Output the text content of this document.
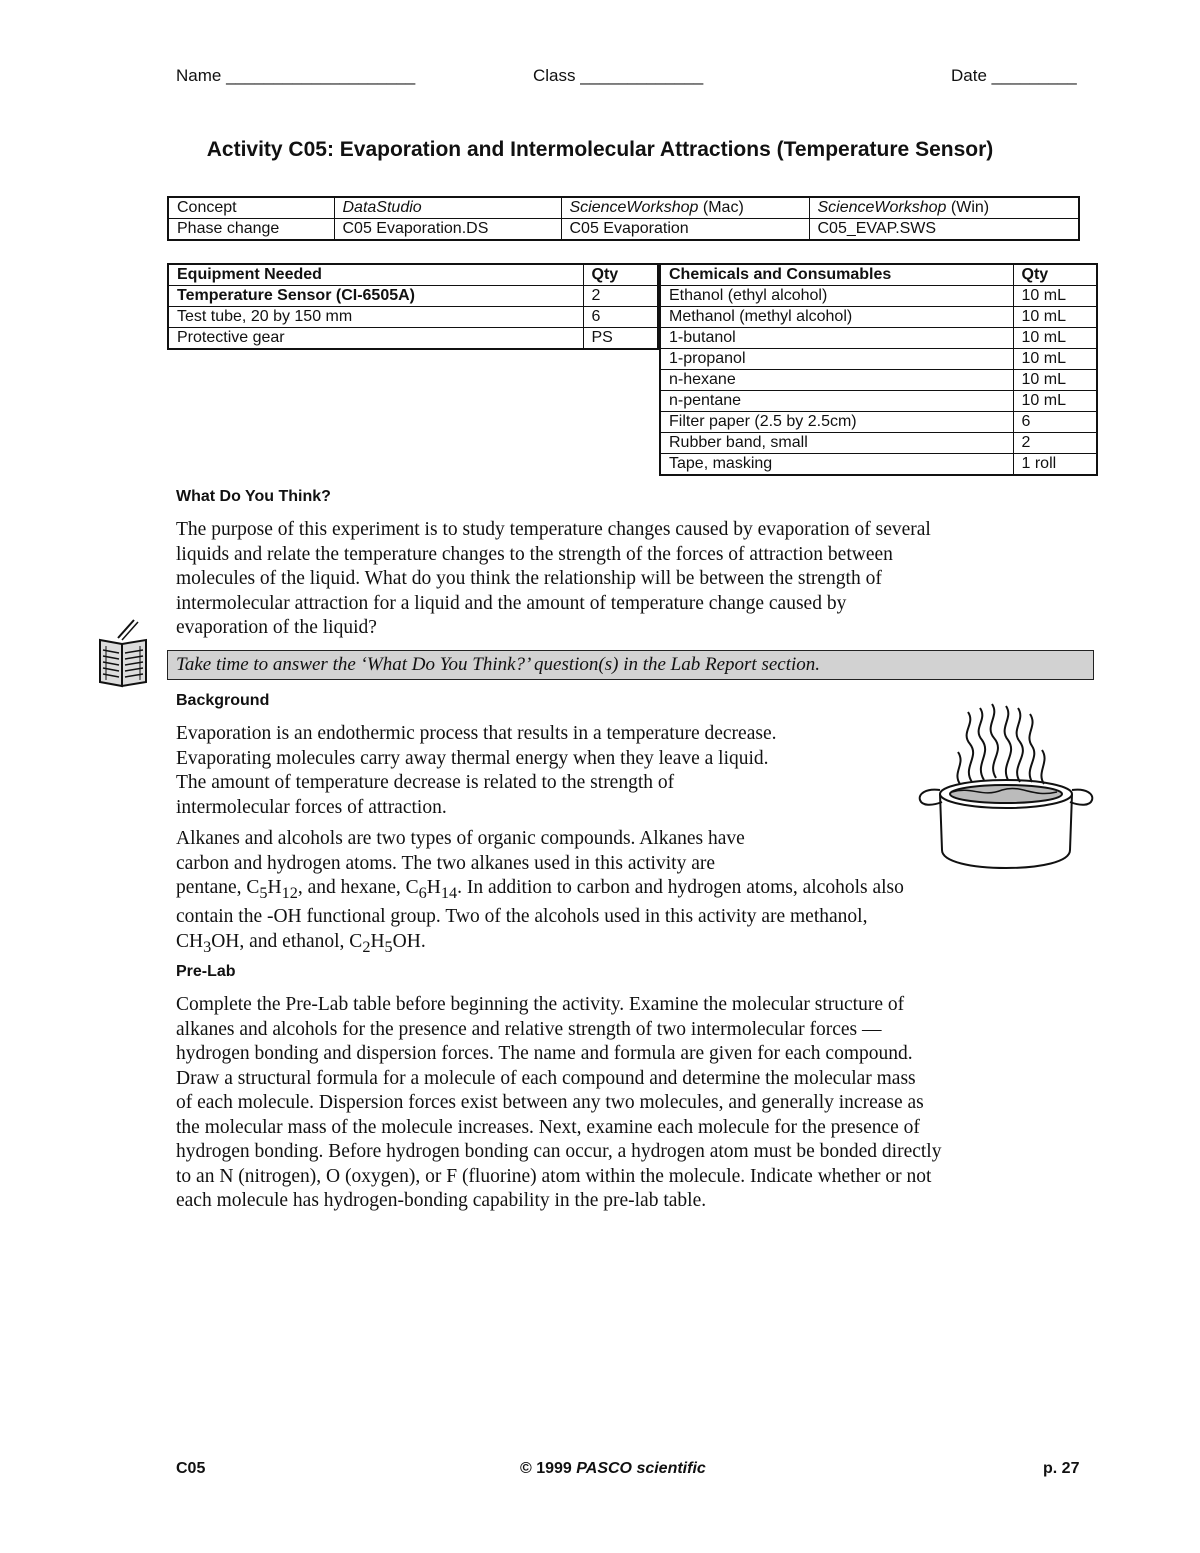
Name ____________________	Class _____________	Date _________
Activity C05: Evaporation and Intermolecular Attractions (Temperature Sensor)
Concept	DataStudio	ScienceWorkshop (Mac)	ScienceWorkshop (Win)
Phase change	C05 Evaporation.DS	C05 Evaporation	C05_EVAP.SWS
Equipment Needed	Qty
Temperature Sensor (CI-6505A)	2
Test tube, 20 by 150 mm	6
Protective gear	PS
Chemicals and Consumables	Qty
Ethanol (ethyl alcohol)	10 mL
Methanol (methyl alcohol)	10 mL
1-butanol	10 mL
1-propanol	10 mL
n-hexane	10 mL
n-pentane	10 mL
Filter paper (2.5 by 2.5cm)	6
Rubber band, small	2
Tape, masking	1 roll
What Do You Think?

The purpose of this experiment is to study temperature changes caused by evaporation of several

liquids and relate the temperature changes to the strength of the forces of attraction between

molecules of the liquid. What do you think the relationship will be between the strength of

intermolecular attraction for a liquid and the amount of temperature change caused by

evaporation of the liquid?

Take time to answer the ‘What Do You Think?’ question(s) in the Lab Report section.
Background

Evaporation is an endothermic process that results in a temperature decrease.

Evaporating molecules carry away thermal energy when they leave a liquid.

The amount of temperature decrease is related to the strength of

intermolecular forces of attraction.

Alkanes and alcohols are two types of organic compounds. Alkanes have

carbon and hydrogen atoms. The two alkanes used in this activity are

pentane, $C_5H_{12}$, and hexane, $C_6H_{14}$. In addition to carbon and hydrogen atoms, alcohols also

contain the -OH functional group. Two of the alcohols used in this activity are methanol,

$CH_3OH$, and ethanol, $C_2H_5OH$.

Pre-Lab

Complete the Pre-Lab table before beginning the activity. Examine the molecular structure of

alkanes and alcohols for the presence and relative strength of two intermolecular forces —

hydrogen bonding and dispersion forces. The name and formula are given for each compound.

Draw a structural formula for a molecule of each compound and determine the molecular mass

of each molecule. Dispersion forces exist between any two molecules, and generally increase as

the molecular mass of the molecule increases. Next, examine each molecule for the presence of

hydrogen bonding. Before hydrogen bonding can occur, a hydrogen atom must be bonded directly

to an N (nitrogen), O (oxygen), or F (fluorine) atom within the molecule. Indicate whether or not

each molecule has hydrogen-bonding capability in the pre-lab table.

C05	© 1999 PASCO scientific	p. 27
